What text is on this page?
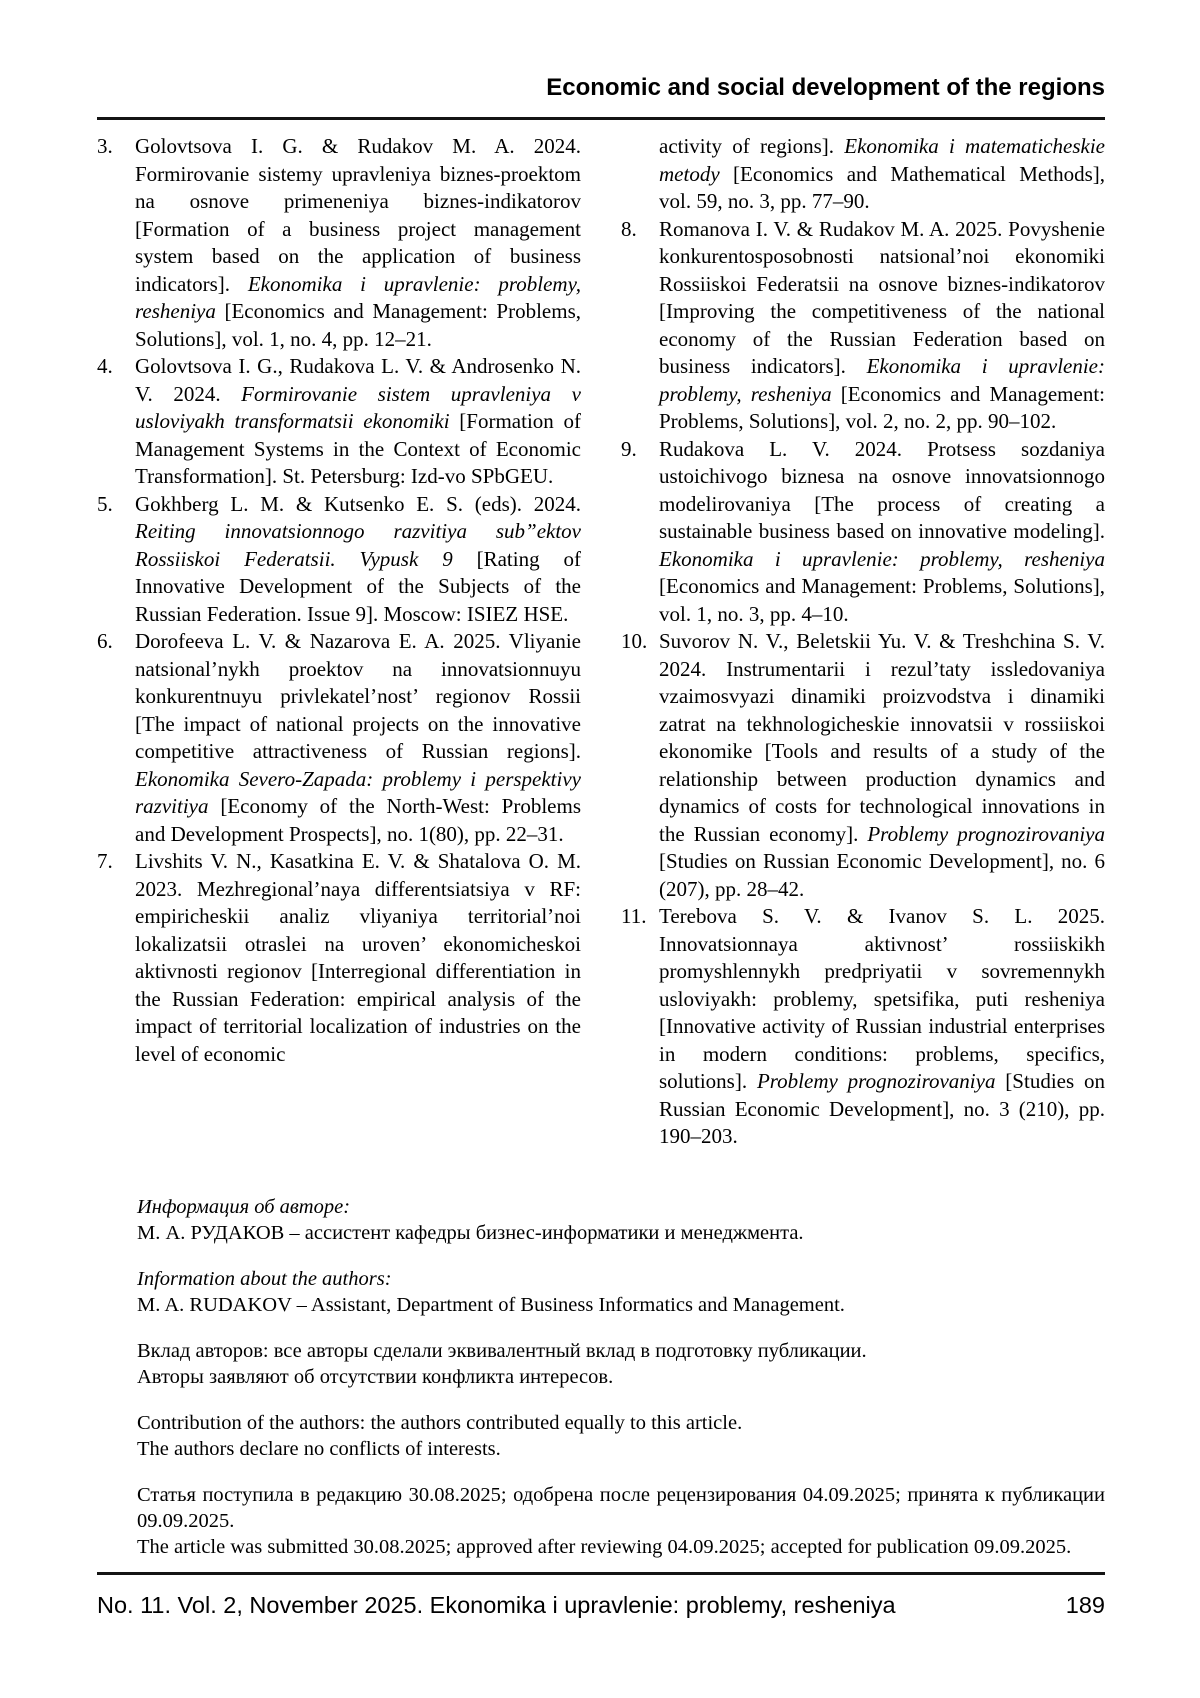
Economic and social development of the regions
3. Golovtsova I. G. & Rudakov M. A. 2024. Formirovanie sistemy upravleniya biznes-proektom na osnove primeneniya biznes-indikatorov [Formation of a business project management system based on the application of business indicators]. Ekonomika i upravlenie: problemy, resheniya [Economics and Management: Problems, Solutions], vol. 1, no. 4, pp. 12–21.
4. Golovtsova I. G., Rudakova L. V. & Androsenko N. V. 2024. Formirovanie sistem upravleniya v usloviyakh transformatsii ekonomiki [Formation of Management Systems in the Context of Economic Transformation]. St. Petersburg: Izd-vo SPbGEU.
5. Gokhberg L. M. & Kutsenko E. S. (eds). 2024. Reiting innovatsionnogo razvitiya sub”ektov Rossiiskoi Federatsii. Vypusk 9 [Rating of Innovative Development of the Subjects of the Russian Federation. Issue 9]. Moscow: ISIEZ HSE.
6. Dorofeeva L. V. & Nazarova E. A. 2025. Vliyanie natsional’nykh proektov na innovatsionnuyu konkurentnuyu privlekatel’nost’ regionov Rossii [The impact of national projects on the innovative competitive attractiveness of Russian regions]. Ekonomika Severo-Zapada: problemy i perspektivy razvitiya [Economy of the North-West: Problems and Development Prospects], no. 1(80), pp. 22–31.
7. Livshits V. N., Kasatkina E. V. & Shatalova O. M. 2023. Mezhregional’naya differentsiatsiya v RF: empiricheskii analiz vliyaniya territorial’noi lokalizatsii otraslei na uroven’ ekonomicheskoi aktivnosti regionov [Interregional differentiation in the Russian Federation: empirical analysis of the impact of territorial localization of industries on the level of economic
activity of regions]. Ekonomika i matematicheskie metody [Economics and Mathematical Methods], vol. 59, no. 3, pp. 77–90.
8. Romanova I. V. & Rudakov M. A. 2025. Povyshenie konkurentosposobnosti natsional’noi ekonomiki Rossiiskoi Federatsii na osnove biznes-indikatorov [Improving the competitiveness of the national economy of the Russian Federation based on business indicators]. Ekonomika i upravlenie: problemy, resheniya [Economics and Management: Problems, Solutions], vol. 2, no. 2, pp. 90–102.
9. Rudakova L. V. 2024. Protsess sozdaniya ustoichivogo biznesa na osnove innovatsionnogo modelirovaniya [The process of creating a sustainable business based on innovative modeling]. Ekonomika i upravlenie: problemy, resheniya [Economics and Management: Problems, Solutions], vol. 1, no. 3, pp. 4–10.
10. Suvorov N. V., Beletskii Yu. V. & Treshchina S. V. 2024. Instrumentarii i rezul’taty issledovaniya vzaimosvyazi dinamiki proizvodstva i dinamiki zatrat na tekhnologicheskie innovatsii v rossiiskoi ekonomike [Tools and results of a study of the relationship between production dynamics and dynamics of costs for technological innovations in the Russian economy]. Problemy prognozirovaniya [Studies on Russian Economic Development], no. 6 (207), pp. 28–42.
11. Terebova S. V. & Ivanov S. L. 2025. Innovatsionnaya aktivnost’ rossiiskikh promyshlennykh predpriyatii v sovremennykh usloviyakh: problemy, spetsifika, puti resheniya [Innovative activity of Russian industrial enterprises in modern conditions: problems, specifics, solutions]. Problemy prognozirovaniya [Studies on Russian Economic Development], no. 3 (210), pp. 190–203.
Информация об авторе:
М. А. РУДАКОВ – ассистент кафедры бизнес-информатики и менеджмента.
Information about the authors:
M. A. RUDAKOV – Assistant, Department of Business Informatics and Management.
Вклад авторов: все авторы сделали эквивалентный вклад в подготовку публикации.
Авторы заявляют об отсутствии конфликта интересов.
Contribution of the authors: the authors contributed equally to this article.
The authors declare no conflicts of interests.
Статья поступила в редакцию 30.08.2025; одобрена после рецензирования 04.09.2025; принята к публикации 09.09.2025.
The article was submitted 30.08.2025; approved after reviewing 04.09.2025; accepted for publication 09.09.2025.
No. 11. Vol. 2, November 2025. Ekonomika i upravlenie: problemy, resheniya	189
